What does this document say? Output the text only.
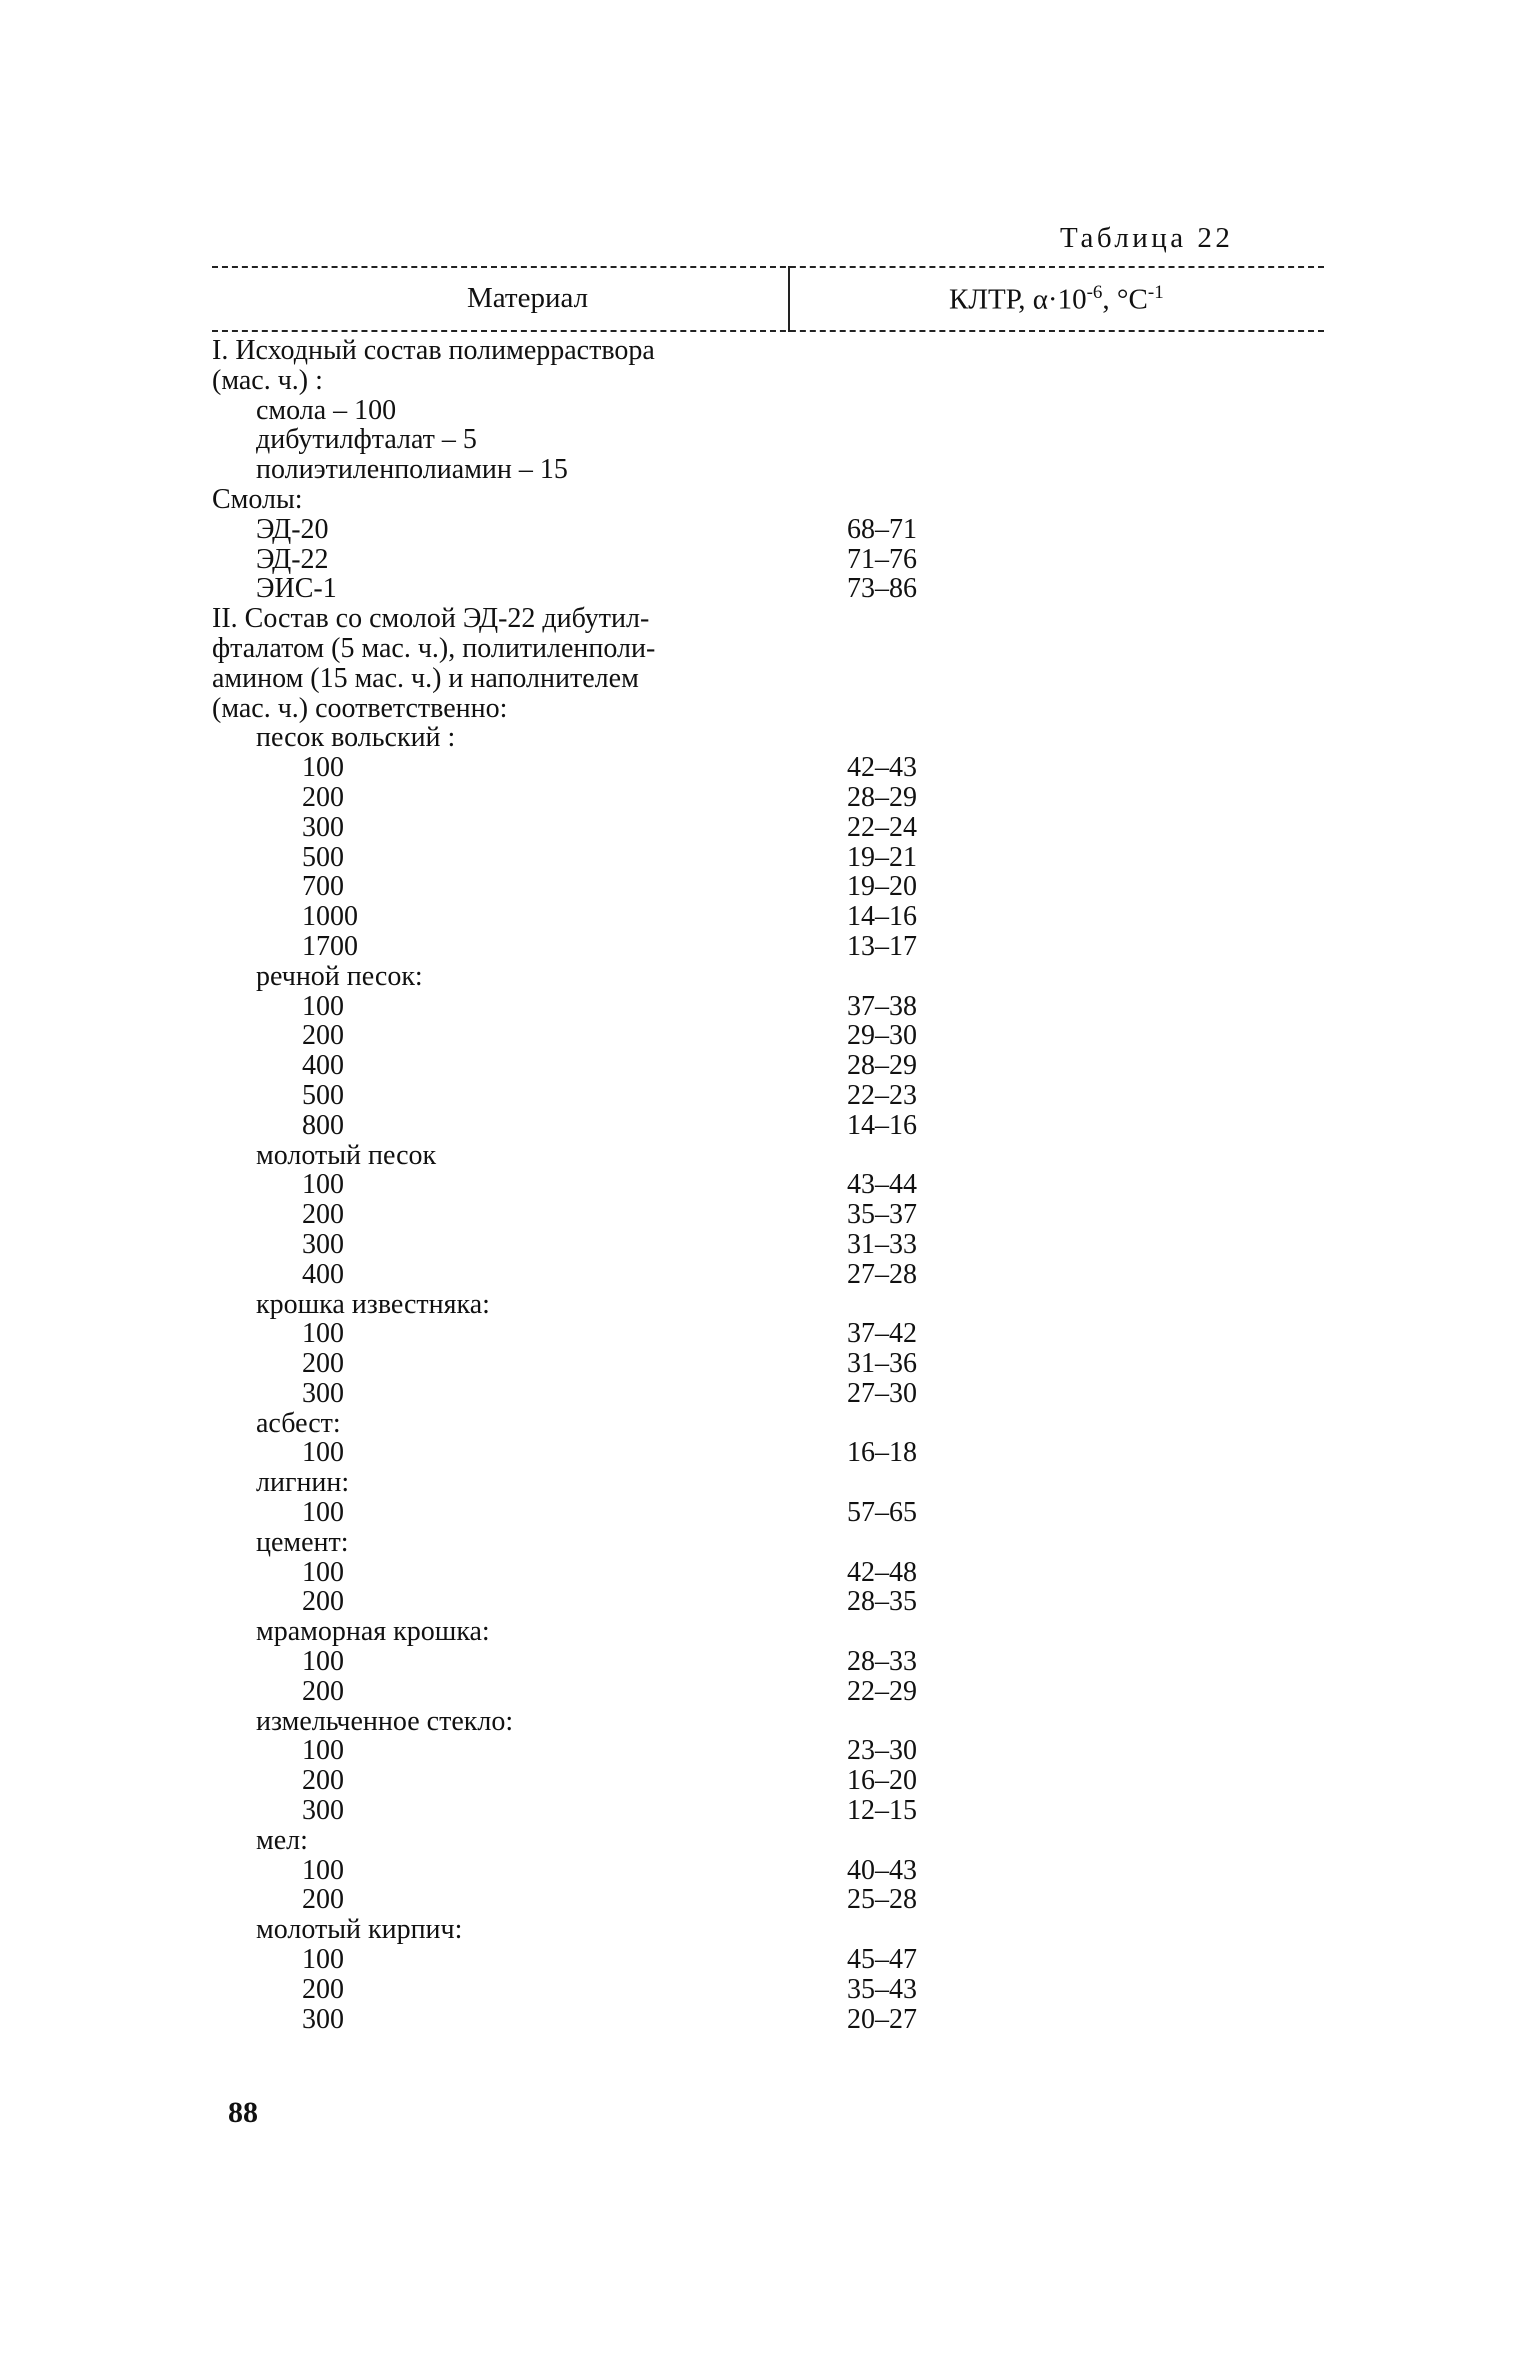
Таблица 22
Материал	КЛТР, $\alpha\cdot 10^{-6}$, $^\circ С^{-1}$
I. Исходный состав полимерраствора
(мас. ч.) :
смола – 100
дибутилфталат – 5
полиэтиленполиамин – 15
Смолы:
ЭД-20	68–71
ЭД-22	71–76
ЭИС-1	73–86
II. Состав со смолой ЭД-22 дибутил-
фталатом (5 мас. ч.), политиленполи-
амином (15 мас. ч.) и наполнителем
(мас. ч.) соответственно:
песок вольский :
100	42–43
200	28–29
300	22–24
500	19–21
700	19–20
1000	14–16
1700	13–17
речной песок:
100	37–38
200	29–30
400	28–29
500	22–23
800	14–16
молотый песок
100	43–44
200	35–37
300	31–33
400	27–28
крошка известняка:
100	37–42
200	31–36
300	27–30
асбест:
100	16–18
лигнин:
100	57–65
цемент:
100	42–48
200	28–35
мраморная крошка:
100	28–33
200	22–29
измельченное стекло:
100	23–30
200	16–20
300	12–15
мел:
100	40–43
200	25–28
молотый кирпич:
100	45–47
200	35–43
300	20–27
88
